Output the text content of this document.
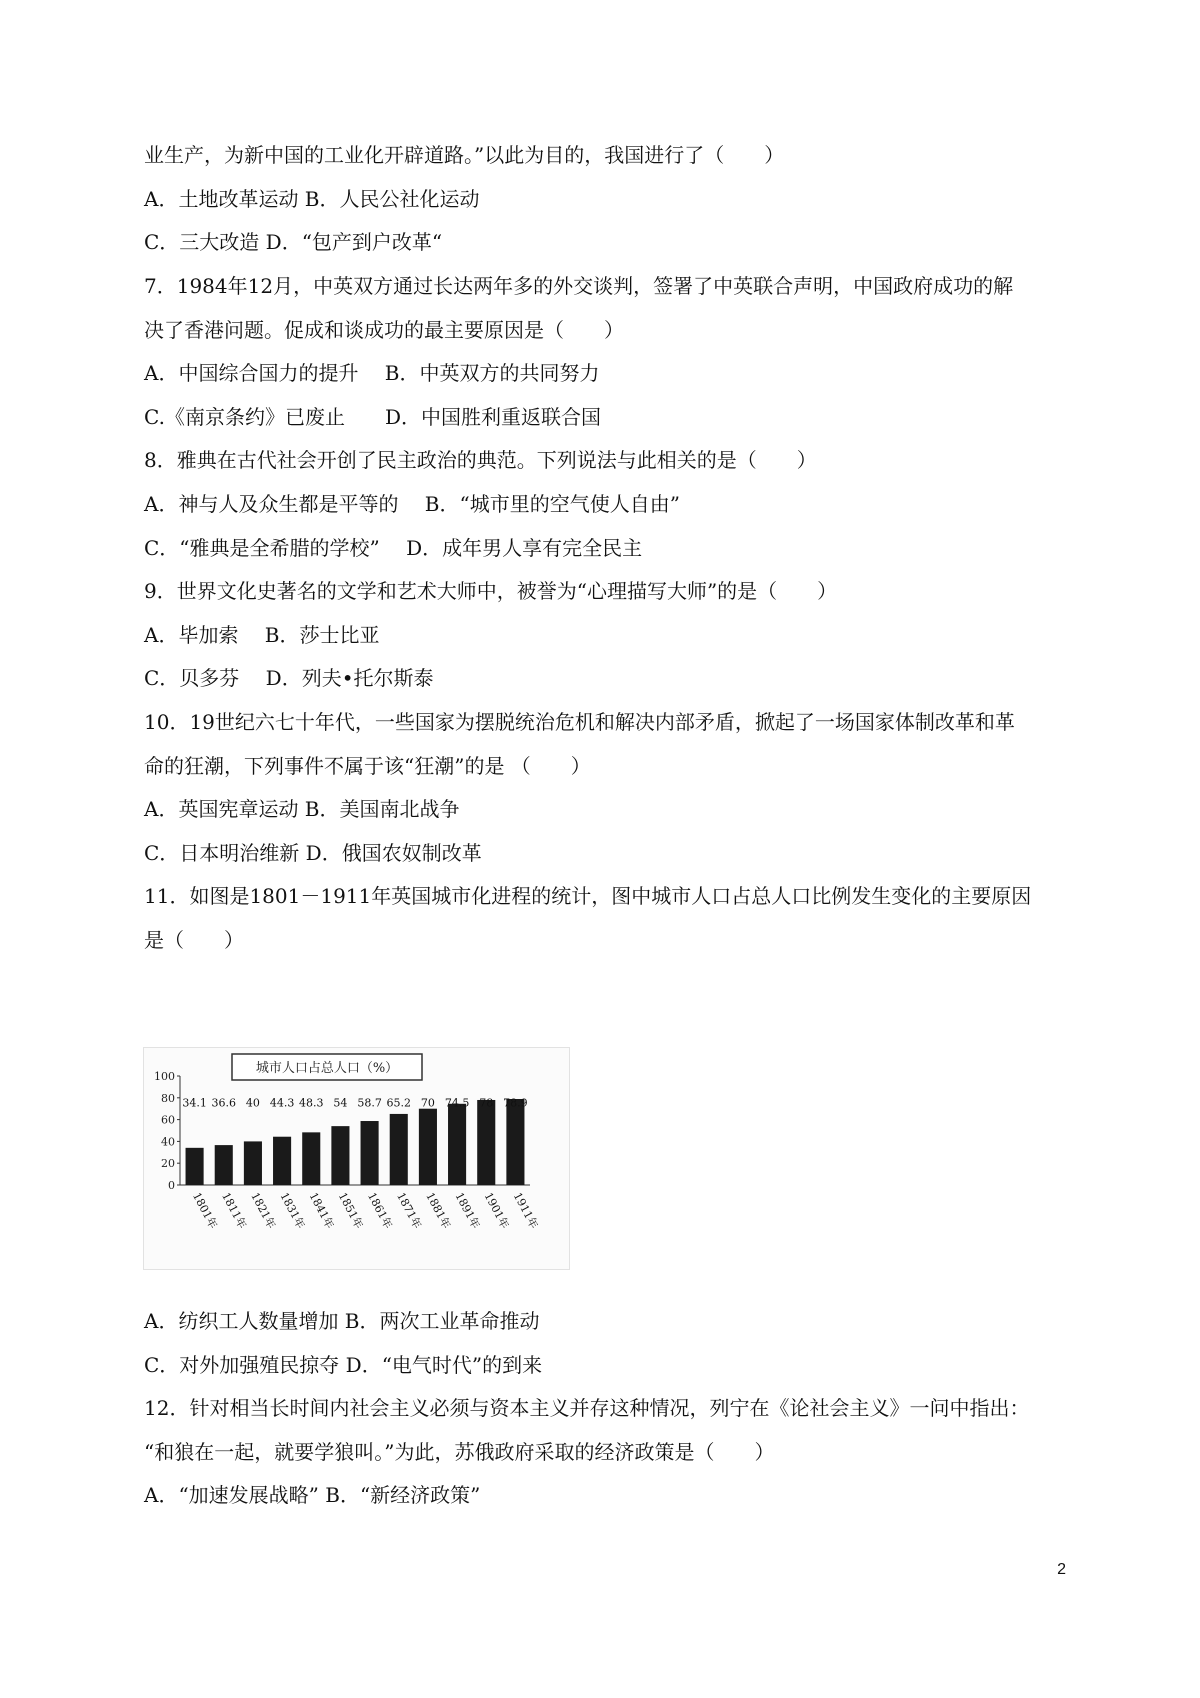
业生产，为新中国的工业化开辟道路。”以此为目的，我国进行了（　　）
A．土地改革运动 B．人民公社化运动
C．三大改造 D．“包产到户改革“
7．1984年12月，中英双方通过长达两年多的外交谈判，签署了中英联合声明，中国政府成功的解
决了香港问题。促成和谈成功的最主要原因是（　　）
A．中国综合国力的提升　 B．中英双方的共同努力
C.《南京条约》已废止　　D．中国胜利重返联合国
8．雅典在古代社会开创了民主政治的典范。下列说法与此相关的是（　　）
A．神与人及众生都是平等的　 B．“城市里的空气使人自由”
C．“雅典是全希腊的学校”　 D．成年男人享有完全民主
9．世界文化史著名的文学和艺术大师中，被誉为“心理描写大师”的是（　　）
A．毕加索　 B．莎士比亚
C．贝多芬　 D．列夫•托尔斯泰
10．19世纪六七十年代，一些国家为摆脱统治危机和解决内部矛盾，掀起了一场国家体制改革和革
命的狂潮，下列事件不属于该“狂潮”的是 （　　）
A．英国宪章运动 B．美国南北战争
C．日本明治维新 D．俄国农奴制改革
11．如图是1801－1911年英国城市化进程的统计，图中城市人口占总人口比例发生变化的主要原因
是（　　）
A．纺织工人数量增加 B．两次工业革命推动
C．对外加强殖民掠夺 D．“电气时代”的到来
12．针对相当长时间内社会主义必须与资本主义并存这种情况，列宁在《论社会主义》一问中指出：
“和狼在一起，就要学狼叫。”为此，苏俄政府采取的经济政策是（　　）
A．“加速发展战略” B．“新经济政策”
城市人口占总人口（%）
0
20
40
60
80
100
34.1
1801年
36.6
1811年
40
1821年
44.3
1831年
48.3
1841年
54
1851年
58.7
1861年
65.2
1871年
70
1881年
74.5
1891年
78
1901年
78.9
1911年
2
